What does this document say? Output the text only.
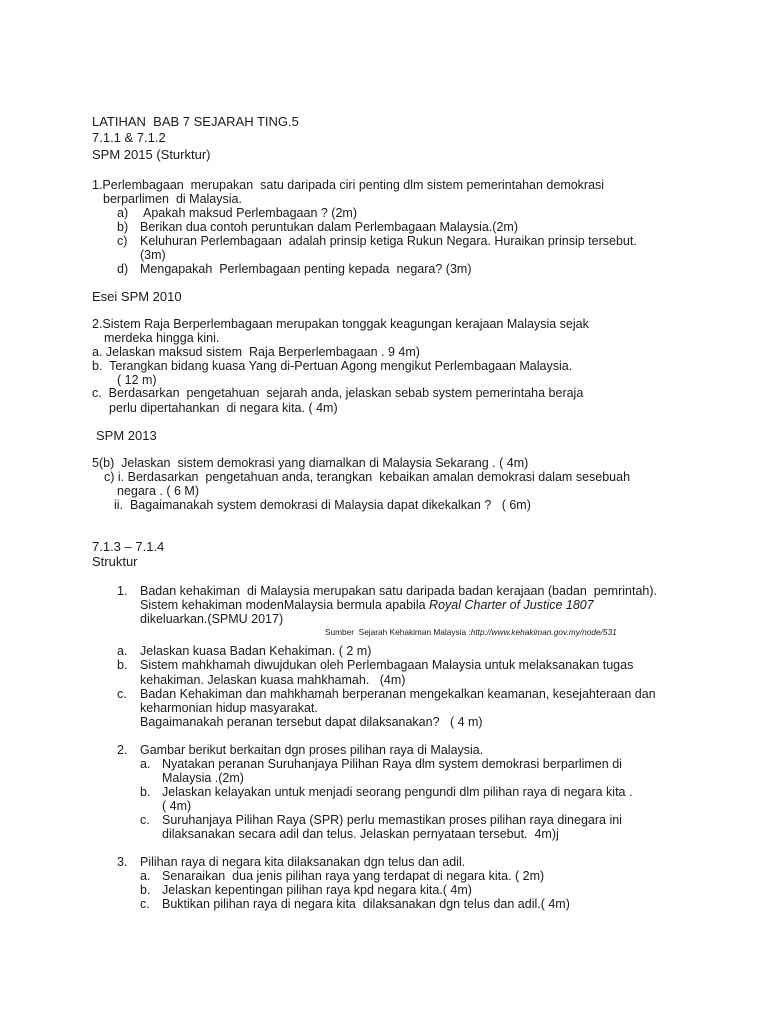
LATIHAN  BAB 7 SEJARAH TING.5
7.1.1 & 7.1.2
SPM 2015 (Sturktur)
1.Perlembagaan  merupakan  satu daripada ciri penting dlm sistem pemerintahan demokrasi
berparlimen  di Malaysia.
a) Apakah maksud Perlembagaan ? (2m)
b) Berikan dua contoh peruntukan dalam Perlembagaan Malaysia.(2m)
c) Keluhuran Perlembagaan  adalah prinsip ketiga Rukun Negara. Huraikan prinsip tersebut.
(3m)
d) Mengapakah  Perlembagaan penting kepada  negara? (3m)
Esei SPM 2010
2.Sistem Raja Berperlembagaan merupakan tonggak keagungan kerajaan Malaysia sejak
merdeka hingga kini.
a. Jelaskan maksud sistem  Raja Berperlembagaan . 9 4m)
b.  Terangkan bidang kuasa Yang di-Pertuan Agong mengikut Perlembagaan Malaysia.
( 12 m)
c.  Berdasarkan  pengetahuan  sejarah anda, jelaskan sebab system pemerintaha beraja
perlu dipertahankan  di negara kita. ( 4m)
SPM 2013
5(b)  Jelaskan  sistem demokrasi yang diamalkan di Malaysia Sekarang . ( 4m)
c) i. Berdasarkan  pengetahuan anda, terangkan  kebaikan amalan demokrasi dalam sesebuah
negara . ( 6 M)
ii.  Bagaimanakah system demokrasi di Malaysia dapat dikekalkan ?   ( 6m)
7.1.3 – 7.1.4
Struktur
1. Badan kehakiman  di Malaysia merupakan satu daripada badan kerajaan (badan  pemrintah).
Sistem kehakiman modenMalaysia bermula apabila Royal Charter of Justice 1807
dikeluarkan.(SPMU 2017)
Sumber  Sejarah Kehakiman Malaysia :http://www.kehakiman.gov.my/node/531
a. Jelaskan kuasa Badan Kehakiman. ( 2 m)
b. Sistem mahkhamah diwujdukan oleh Perlembagaan Malaysia untuk melaksanakan tugas
kehakiman. Jelaskan kuasa mahkhamah.   (4m)
c. Badan Kehakiman dan mahkhamah berperanan mengekalkan keamanan, kesejahteraan dan
keharmonian hidup masyarakat.
Bagaimanakah peranan tersebut dapat dilaksanakan?   ( 4 m)
2. Gambar berikut berkaitan dgn proses pilihan raya di Malaysia.
a. Nyatakan peranan Suruhanjaya Pilihan Raya dlm system demokrasi berparlimen di
Malaysia .(2m)
b. Jelaskan kelayakan untuk menjadi seorang pengundi dlm pilihan raya di negara kita .
( 4m)
c. Suruhanjaya Pilihan Raya (SPR) perlu memastikan proses pilihan raya dinegara ini
dilaksanakan secara adil dan telus. Jelaskan pernyataan tersebut.  4m)j
3. Pilihan raya di negara kita dilaksanakan dgn telus dan adil.
a. Senaraikan  dua jenis pilihan raya yang terdapat di negara kita. ( 2m)
b. Jelaskan kepentingan pilihan raya kpd negara kita.( 4m)
c. Buktikan pilihan raya di negara kita  dilaksanakan dgn telus dan adil.( 4m)
